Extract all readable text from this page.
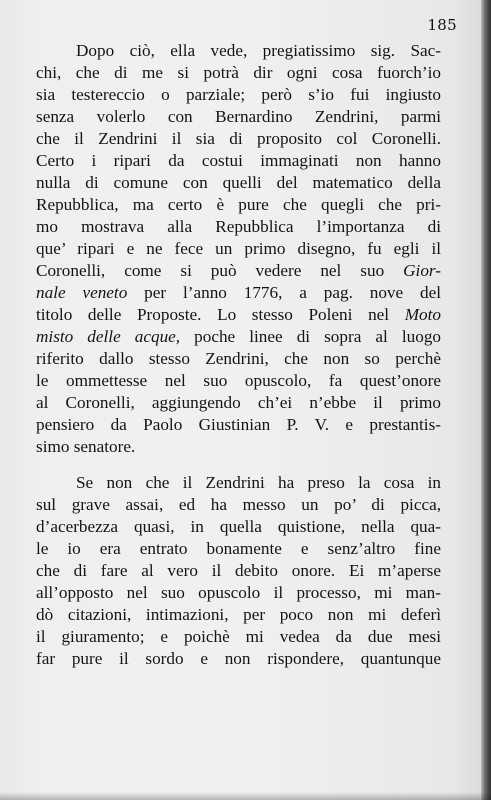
185
Dopo ciò, ella vede, pregiatissimo sig. Sac-
chi, che di me si potrà dir ogni cosa fuorch’io
sia testereccio o parziale; però s’io fui ingiusto
senza volerlo con Bernardino Zendrini, parmi
che il Zendrini il sia di proposito col Coronelli.
Certo i ripari da costui immaginati non hanno
nulla di comune con quelli del matematico della
Repubblica, ma certo è pure che quegli che pri-
mo mostrava alla Repubblica l’importanza di
que’ ripari e ne fece un primo disegno, fu egli il
Coronelli, come si può vedere nel suo Gior-
nale veneto per l’anno 1776, a pag. nove del
titolo delle Proposte. Lo stesso Poleni nel Moto
misto delle acque, poche linee di sopra al luogo
riferito dallo stesso Zendrini, che non so perchè
le ommettesse nel suo opuscolo, fa quest’onore
al Coronelli, aggiungendo ch’ei n’ebbe il primo
pensiero da Paolo Giustinian P. V. e prestantis-
simo senatore.
Se non che il Zendrini ha preso la cosa in
sul grave assai, ed ha messo un po’ di picca,
d’acerbezza quasi, in quella quistione, nella qua-
le io era entrato bonamente e senz’altro fine
che di fare al vero il debito onore. Ei m’aperse
all’opposto nel suo opuscolo il processo, mi man-
dò citazioni, intimazioni, per poco non mi deferì
il giuramento; e poichè mi vedea da due mesi
far pure il sordo e non rispondere, quantunque
